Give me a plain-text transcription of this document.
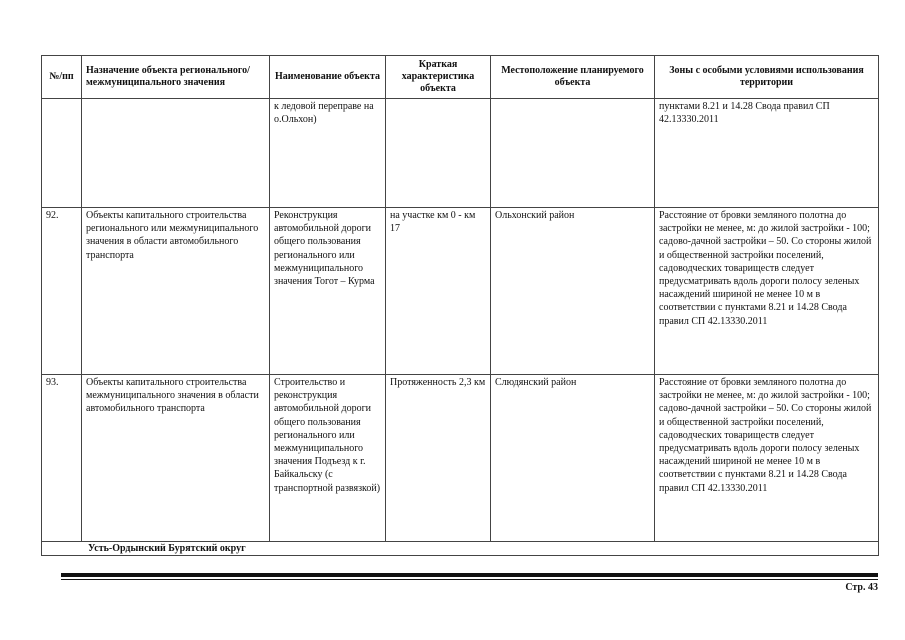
№/пп	Назначение объекта регионального/ межмуниципального значения	Наименование объекта	Краткая характеристика объекта	Местоположение планируемого объекта	Зоны с особыми условиями использования территории
		к ледовой переправе на о.Ольхон)			пунктами 8.21 и 14.28 Свода правил СП 42.13330.2011
92.	Объекты капитального строительства регионального или межмуниципального значения в области автомобильного транспорта	Реконструкция автомобильной дороги общего пользования регионального или межмуниципального значения Тогот – Курма	на участке км 0 - км 17	Ольхонский район	Расстояние от бровки земляного полотна до застройки не менее, м: до жилой застройки - 100; садово-дачной застройки – 50. Со стороны жилой и общественной застройки поселений, садоводческих товариществ следует предусматривать вдоль дороги полосу зеленых насаждений шириной не менее 10 м в соответствии с пунктами 8.21 и 14.28 Свода правил СП 42.13330.2011
93.	Объекты капитального строительства межмуниципального значения в области автомобильного транспорта	Строительство и реконструкция автомобильной дороги общего пользования регионального или межмуниципального значения Подъезд к г. Байкальску (с транспортной развязкой)	Протяженность 2,3 км	Слюдянский район	Расстояние от бровки земляного полотна до застройки не менее, м: до жилой застройки - 100; садово-дачной застройки – 50. Со стороны жилой и общественной застройки поселений, садоводческих товариществ следует предусматривать вдоль дороги полосу зеленых насаждений шириной не менее 10 м в соответствии с пунктами 8.21 и 14.28 Свода правил СП 42.13330.2011
Усть-Ордынский Бурятский округ					
Стр. 43
